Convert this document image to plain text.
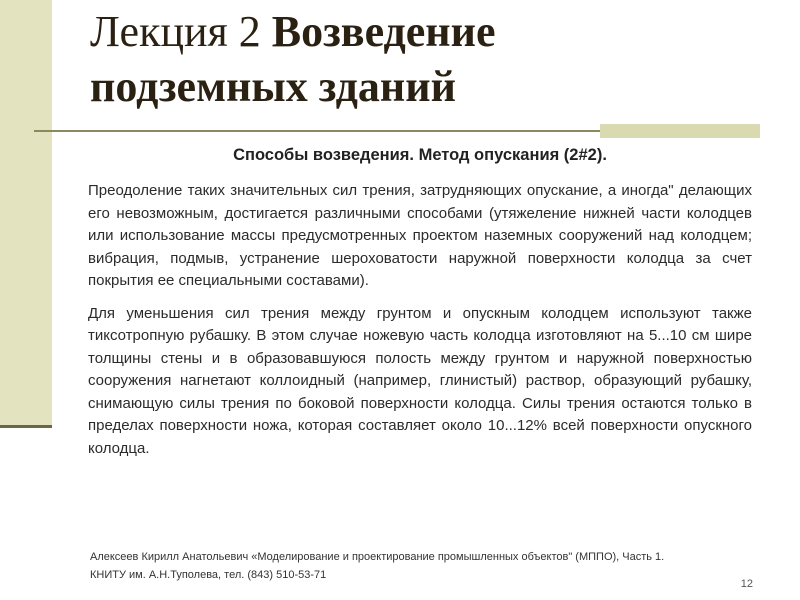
Лекция 2 Возведение
подземных зданий
Способы возведения. Метод опускания (2#2).

Преодоление таких значительных сил трения, затрудняющих опускание, а иногда" делающих его невозможным, достигается различными способами (утяжеление нижней части колодцев или использование массы предусмотренных проектом наземных сооружений над колодцем; вибрация, подмыв, устранение шероховатости наружной поверхности колодца за счет покрытия ее специальными составами).

Для уменьшения сил трения между грунтом и опускным колодцем используют также тиксотропную рубашку. В этом случае ножевую часть колодца изготовляют на 5...10 см шире толщины стены и в образовавшуюся полость между грунтом и наружной поверхностью сооружения нагнетают коллоидный (например, глинистый) раствор, образующий рубашку, снимающую силы трения по боковой поверхности колодца. Силы трения остаются только в пределах поверхности ножа, которая составляет около 10...12% всей поверхности опускного колодца.

Алексеев Кирилл Анатольевич «Моделирование и проектирование промышленных объектов" (МППО), Часть 1.
КНИТУ им. А.Н.Туполева, тел. (843) 510-53-71
12
